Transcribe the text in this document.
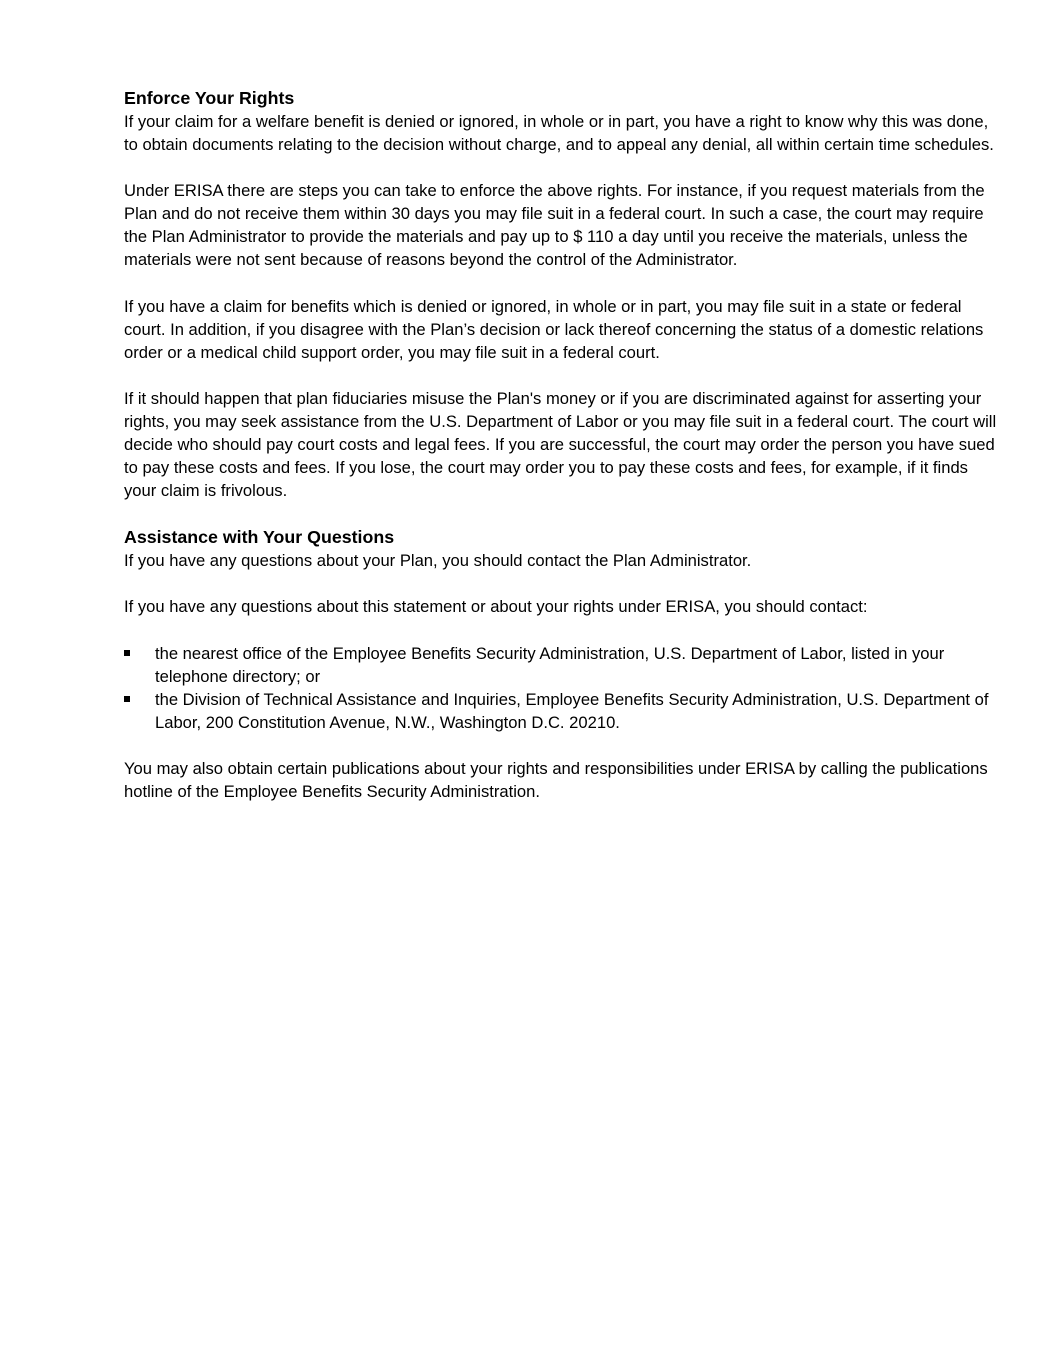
Enforce Your Rights

If your claim for a welfare benefit is denied or ignored, in whole or in part, you have a right to know why this was done, to obtain documents relating to the decision without charge, and to appeal any denial, all within certain time schedules.

Under ERISA there are steps you can take to enforce the above rights. For instance, if you request materials from the Plan and do not receive them within 30 days you may file suit in a federal court. In such a case, the court may require the Plan Administrator to provide the materials and pay up to $ 110 a day until you receive the materials, unless the materials were not sent because of reasons beyond the control of the Administrator.

If you have a claim for benefits which is denied or ignored, in whole or in part, you may file suit in a state or federal court. In addition, if you disagree with the Plan’s decision or lack thereof concerning the status of a domestic relations order or a medical child support order, you may file suit in a federal court.

If it should happen that plan fiduciaries misuse the Plan's money or if you are discriminated against for asserting your rights, you may seek assistance from the U.S. Department of Labor or you may file suit in a federal court. The court will decide who should pay court costs and legal fees. If you are successful, the court may order the person you have sued to pay these costs and fees. If you lose, the court may order you to pay these costs and fees, for example, if it finds your claim is frivolous.

Assistance with Your Questions

If you have any questions about your Plan, you should contact the Plan Administrator.

If you have any questions about this statement or about your rights under ERISA, you should contact:

the nearest office of the Employee Benefits Security Administration, U.S. Department of Labor, listed in your telephone directory; or
the Division of Technical Assistance and Inquiries, Employee Benefits Security Administration, U.S. Department of Labor, 200 Constitution Avenue, N.W., Washington D.C. 20210.

You may also obtain certain publications about your rights and responsibilities under ERISA by calling the publications hotline of the Employee Benefits Security Administration.
